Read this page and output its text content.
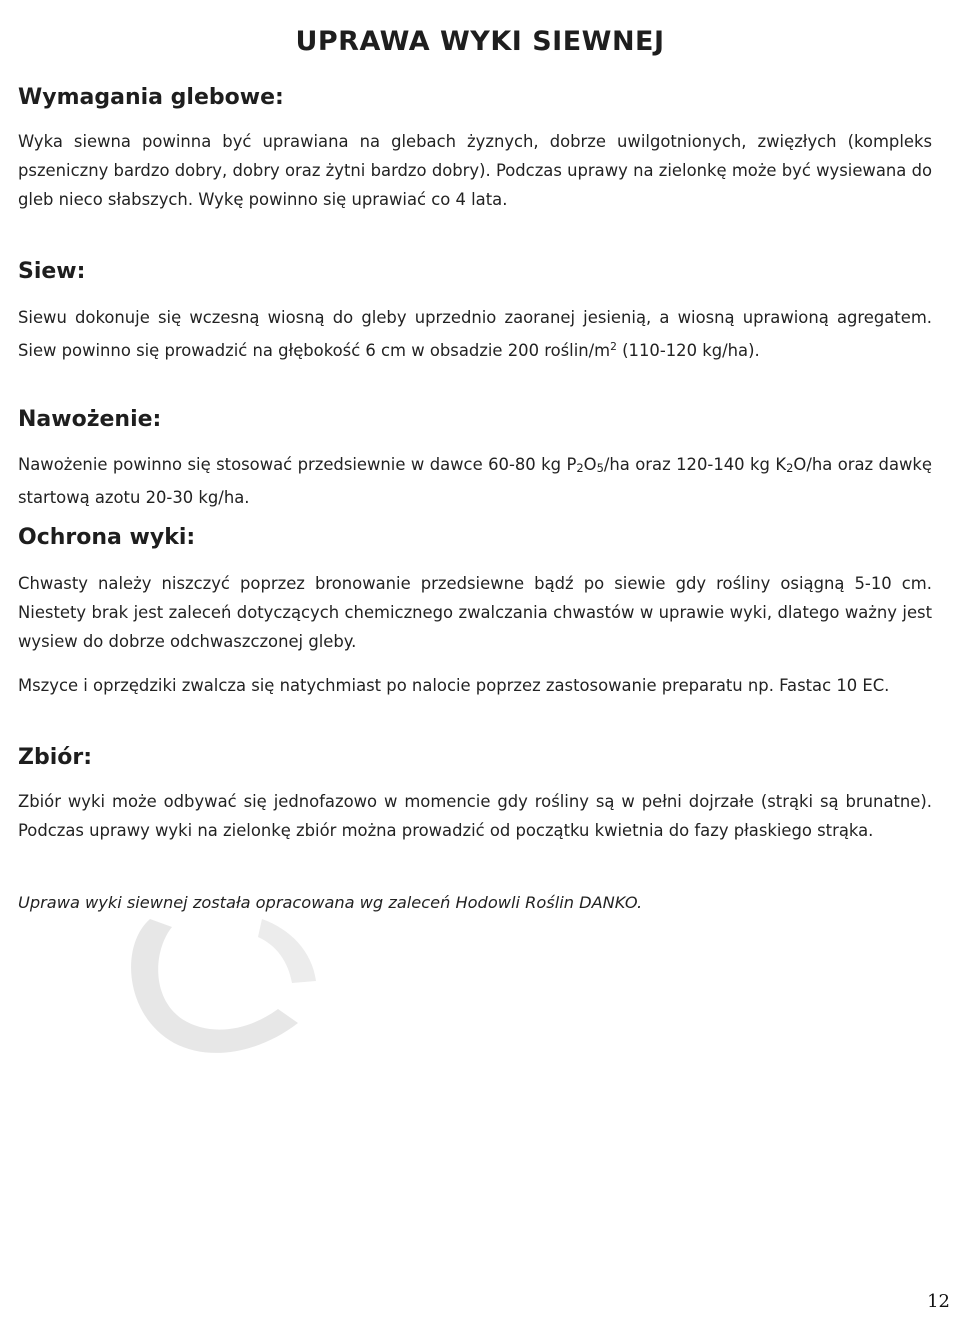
UPRAWA WYKI SIEWNEJ
Wymagania glebowe:

Wyka siewna powinna być uprawiana na glebach żyznych, dobrze uwilgotnionych, zwięzłych (kompleks pszeniczny bardzo dobry, dobry oraz żytni bardzo dobry). Podczas uprawy na zielonkę może być wysiewana do gleb nieco słabszych. Wykę powinno się uprawiać co 4 lata.

Siew:

Siewu dokonuje się wczesną wiosną do gleby uprzednio zaoranej jesienią, a wiosną uprawioną agregatem. Siew powinno się prowadzić na głębokość 6 cm w obsadzie 200 roślin/$m^2$ (110-120 kg/ha).

Nawożenie:

Nawożenie powinno się stosować przedsiewnie w dawce 60-80 kg $P_2O_5/ha$ oraz 120-140 kg $K_2O/ha$ oraz dawkę startową azotu 20-30 kg/ha.

Ochrona wyki:

Chwasty należy niszczyć poprzez bronowanie przedsiewne bądź po siewie gdy rośliny osiągną 5-10 cm. Niestety brak jest zaleceń dotyczących chemicznego zwalczania chwastów w uprawie wyki, dlatego ważny jest wysiew do dobrze odchwaszczonej gleby.

Mszyce i oprzędziki zwalcza się natychmiast po nalocie poprzez zastosowanie preparatu np. Fastac 10 EC.

Zbiór:

Zbiór wyki może odbywać się jednofazowo w momencie gdy rośliny są w pełni dojrzałe (strąki są brunatne). Podczas uprawy wyki na zielonkę zbiór można prowadzić od początku kwietnia do fazy płaskiego strąka.

Uprawa wyki siewnej została opracowana wg zaleceń Hodowli Roślin DANKO.

12
